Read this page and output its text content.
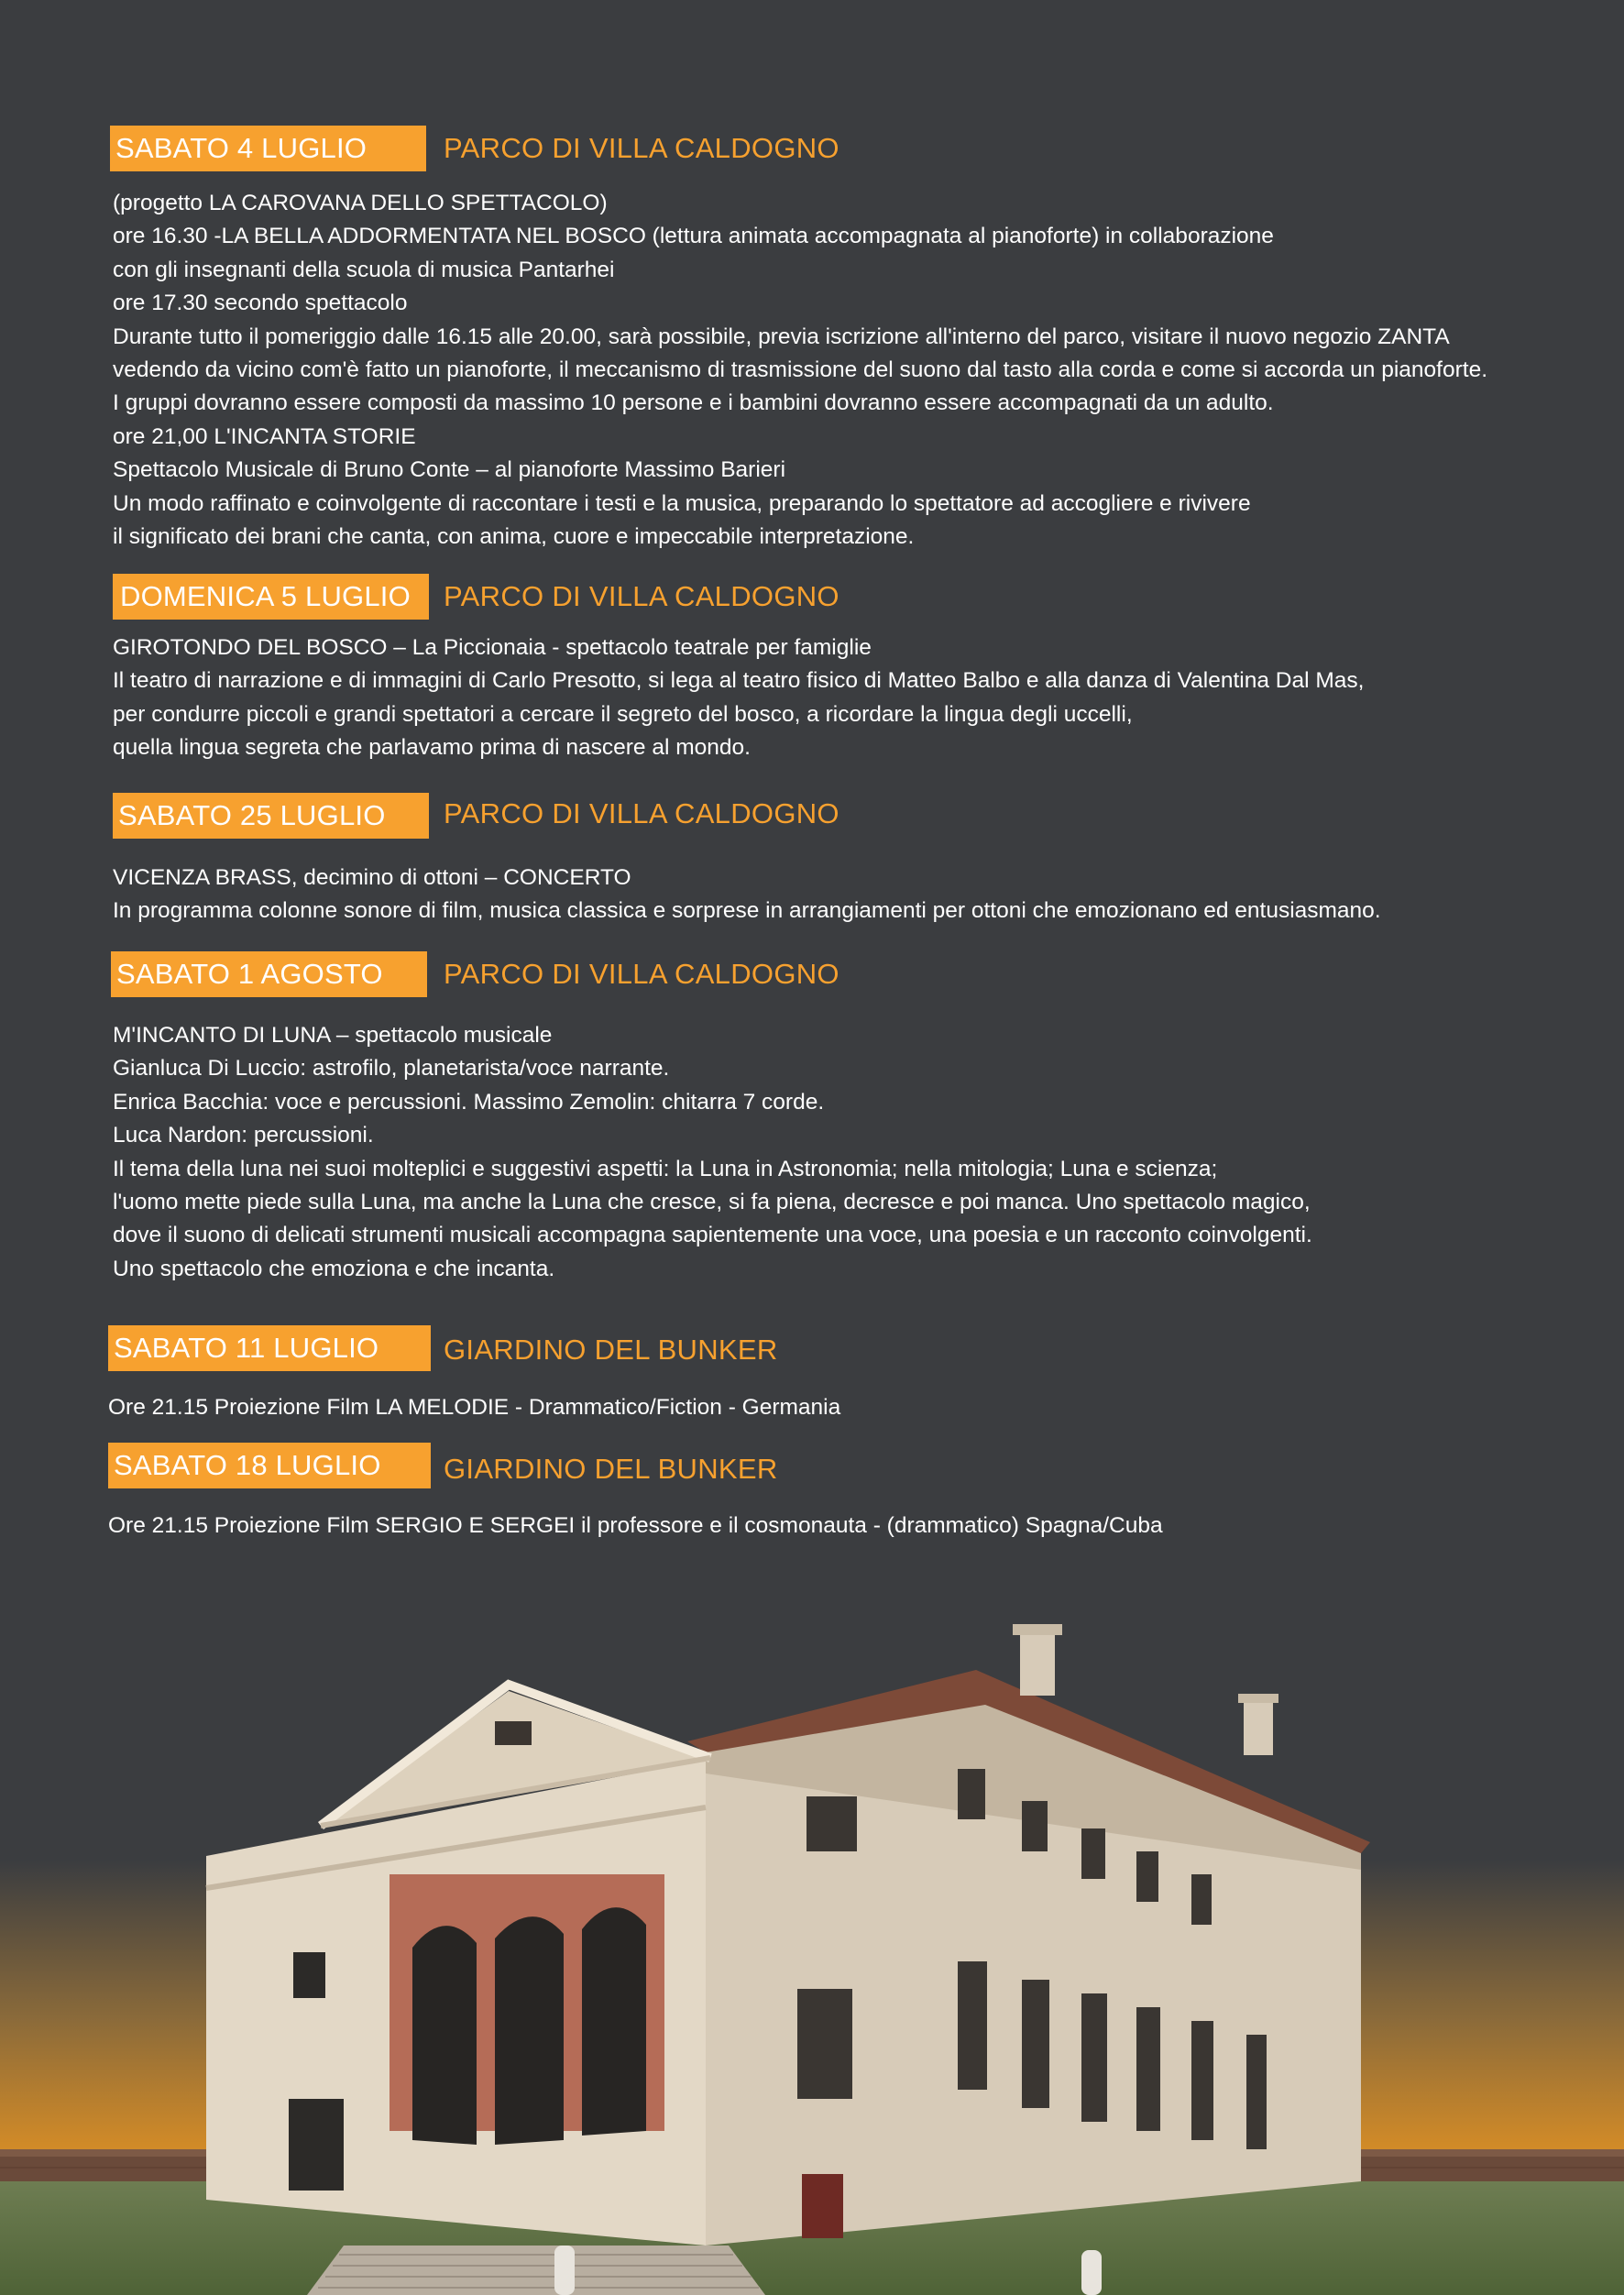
SABATO 4 LUGLIO	PARCO DI VILLA CALDOGNO
(progetto LA CAROVANA DELLO SPETTACOLO)
ore 16.30 -LA BELLA ADDORMENTATA NEL BOSCO (lettura animata accompagnata al pianoforte) in collaborazione
con gli insegnanti della scuola di musica Pantarhei
ore 17.30 secondo spettacolo
Durante tutto il pomeriggio dalle 16.15 alle 20.00, sarà possibile, previa iscrizione all'interno del parco, visitare il nuovo negozio ZANTA
vedendo da vicino com'è fatto un pianoforte, il meccanismo di trasmissione del suono dal tasto alla corda e come si accorda un pianoforte.
I gruppi dovranno essere composti da massimo 10 persone e i bambini dovranno essere accompagnati da un adulto.
ore 21,00 L'INCANTA STORIE
Spettacolo Musicale di Bruno Conte – al pianoforte Massimo Barieri
Un modo raffinato e coinvolgente di raccontare i testi e la musica, preparando lo spettatore ad accogliere e rivivere
il significato dei brani che canta, con anima, cuore e impeccabile interpretazione.
DOMENICA 5 LUGLIO	PARCO DI VILLA CALDOGNO
GIROTONDO DEL BOSCO – La Piccionaia - spettacolo teatrale per famiglie
Il teatro di narrazione e di immagini di Carlo Presotto, si lega al teatro fisico di Matteo Balbo e alla danza di Valentina Dal Mas,
per condurre piccoli e grandi spettatori a cercare il segreto del bosco, a ricordare la lingua degli uccelli,
quella lingua segreta che parlavamo prima di nascere al mondo.
SABATO 25 LUGLIO	PARCO DI VILLA CALDOGNO
VICENZA BRASS, decimino di ottoni – CONCERTO
In programma colonne sonore di film, musica classica e sorprese in arrangiamenti per ottoni che emozionano ed entusiasmano.
SABATO 1 AGOSTO	PARCO DI VILLA CALDOGNO
M'INCANTO DI LUNA – spettacolo musicale
Gianluca Di Luccio: astrofilo, planetarista/voce narrante.
Enrica Bacchia: voce e percussioni. Massimo Zemolin: chitarra 7 corde.
Luca Nardon: percussioni.
Il tema della luna nei suoi molteplici e suggestivi aspetti: la Luna in Astronomia; nella mitologia; Luna e scienza;
l'uomo mette piede sulla Luna, ma anche la Luna che cresce, si fa piena, decresce e poi manca. Uno spettacolo magico,
dove il suono di delicati strumenti musicali accompagna sapientemente una voce, una poesia e un racconto coinvolgenti.
Uno spettacolo che emoziona e che incanta.
SABATO 11 LUGLIO	GIARDINO DEL BUNKER
Ore 21.15 Proiezione Film LA MELODIE - Drammatico/Fiction - Germania
SABATO 18 LUGLIO	GIARDINO DEL BUNKER
Ore 21.15 Proiezione Film SERGIO E SERGEI il professore e il cosmonauta - (drammatico) Spagna/Cuba
